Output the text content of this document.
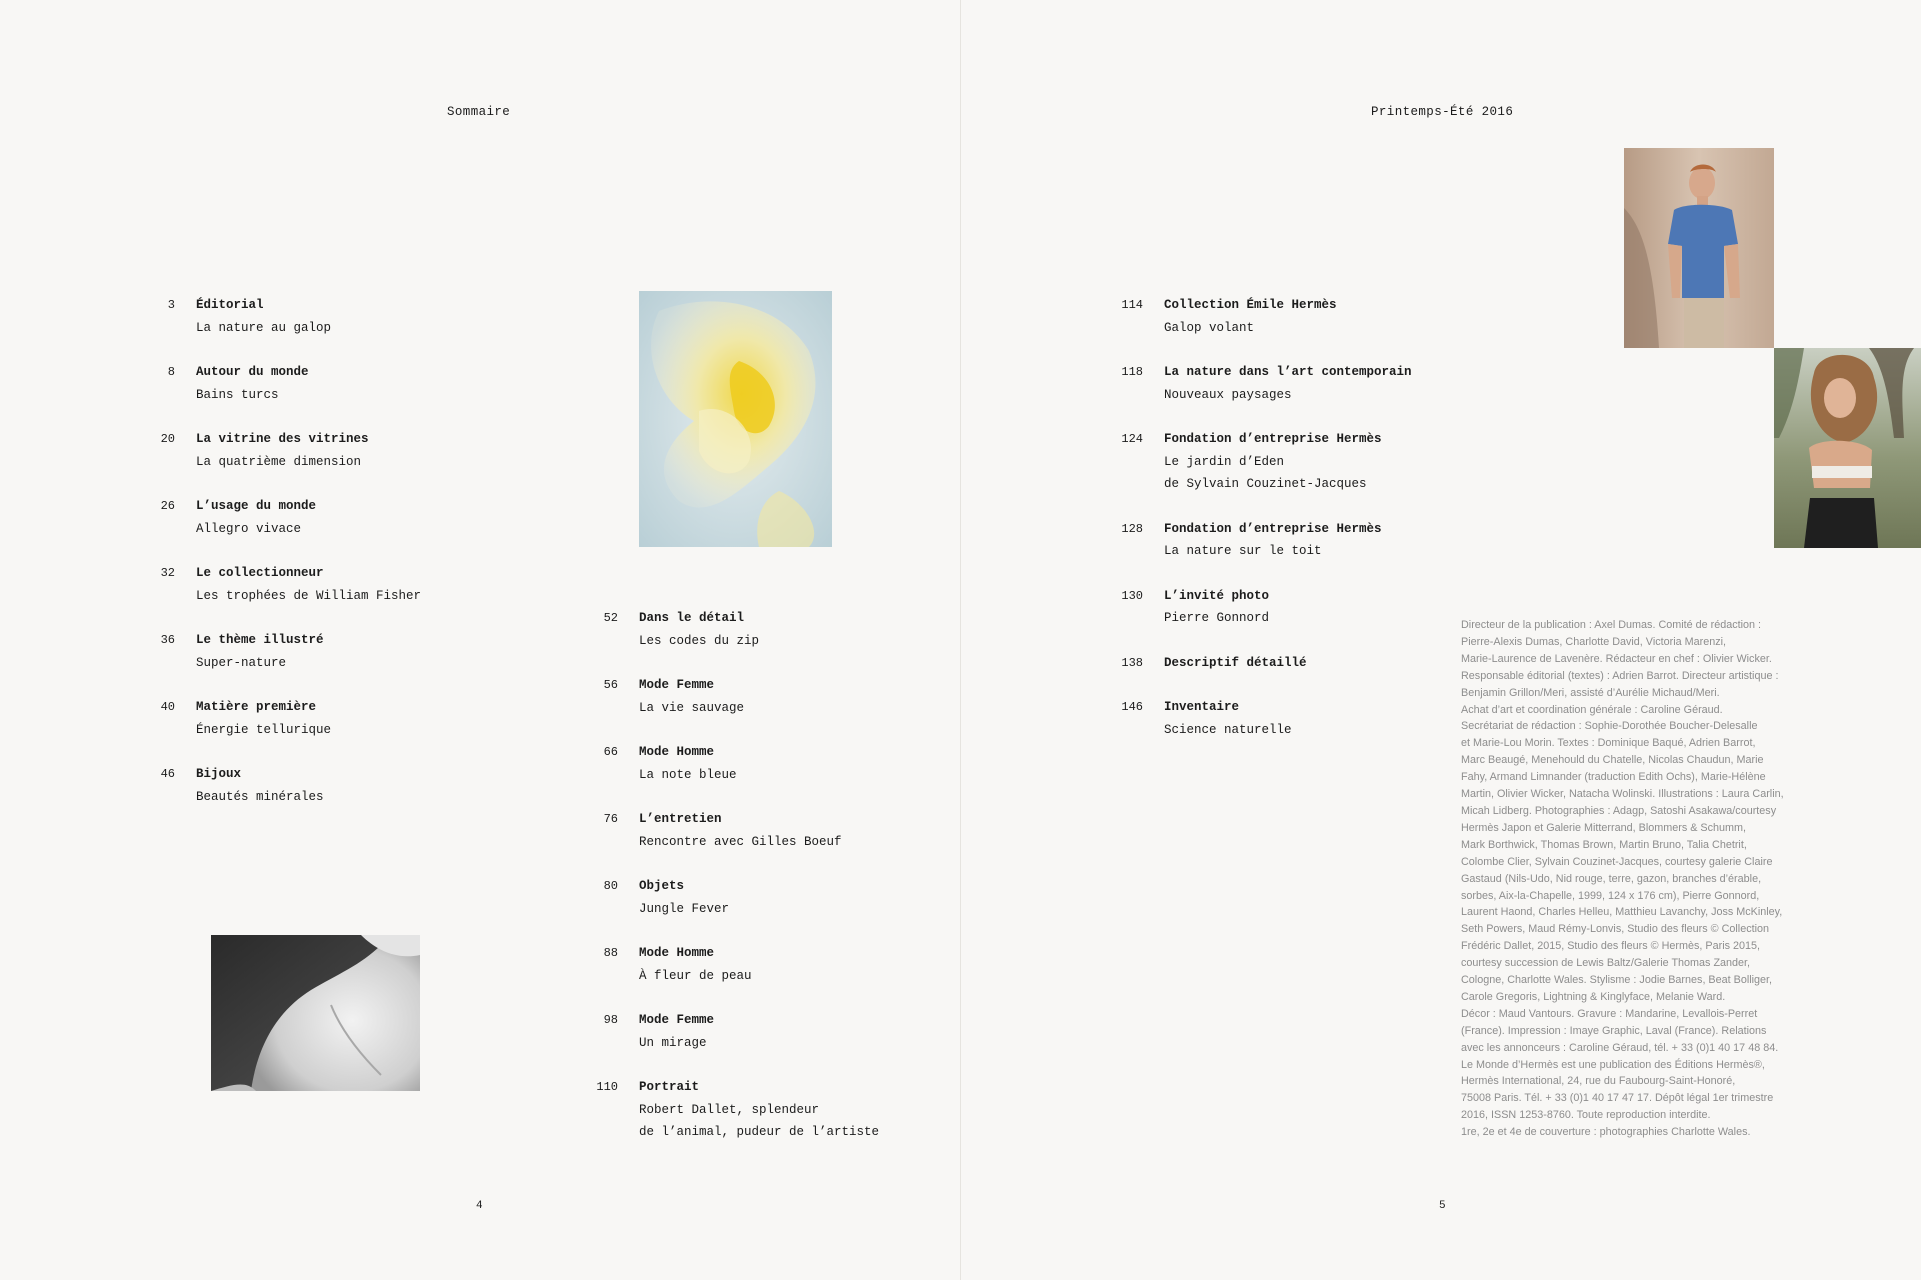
Sommaire
3 Éditorial
La nature au galop
8 Autour du monde
Bains turcs
20 La vitrine des vitrines
La quatrième dimension
26 L’usage du monde
Allegro vivace
32 Le collectionneur
Les trophées de William Fisher
36 Le thème illustré
Super-nature
40 Matière première
Énergie tellurique
46 Bijoux
Beautés minérales
52 Dans le détail
Les codes du zip
56 Mode Femme
La vie sauvage
66 Mode Homme
La note bleue
76 L’entretien
Rencontre avec Gilles Boeuf
80 Objets
Jungle Fever
88 Mode Homme
À fleur de peau
98 Mode Femme
Un mirage
110 Portrait
Robert Dallet, splendeur
de l’animal, pudeur de l’artiste
4
Printemps-Été 2016
114 Collection Émile Hermès
Galop volant
118 La nature dans l’art contemporain
Nouveaux paysages
124 Fondation d’entreprise Hermès
Le jardin d’Eden
de Sylvain Couzinet-Jacques
128 Fondation d’entreprise Hermès
La nature sur le toit
130 L’invité photo
Pierre Gonnord
138 Descriptif détaillé
146 Inventaire
Science naturelle
Directeur de la publication : Axel Dumas. Comité de rédaction :
Pierre-Alexis Dumas, Charlotte David, Victoria Marenzi,
Marie-Laurence de Lavenère. Rédacteur en chef : Olivier Wicker.
Responsable éditorial (textes) : Adrien Barrot. Directeur artistique :
Benjamin Grillon/Meri, assisté d’Aurélie Michaud/Meri.
Achat d’art et coordination générale : Caroline Géraud.
Secrétariat de rédaction : Sophie-Dorothée Boucher-Delesalle
et Marie-Lou Morin. Textes : Dominique Baqué, Adrien Barrot,
Marc Beaugé, Menehould du Chatelle, Nicolas Chaudun, Marie
Fahy, Armand Limnander (traduction Edith Ochs), Marie-Hélène
Martin, Olivier Wicker, Natacha Wolinski. Illustrations : Laura Carlin,
Micah Lidberg. Photographies : Adagp, Satoshi Asakawa/courtesy
Hermès Japon et Galerie Mitterrand, Blommers & Schumm,
Mark Borthwick, Thomas Brown, Martin Bruno, Talia Chetrit,
Colombe Clier, Sylvain Couzinet-Jacques, courtesy galerie Claire
Gastaud (Nils-Udo, Nid rouge, terre, gazon, branches d’érable,
sorbes, Aix-la-Chapelle, 1999, 124 x 176 cm), Pierre Gonnord,
Laurent Haond, Charles Helleu, Matthieu Lavanchy, Joss McKinley,
Seth Powers, Maud Rémy-Lonvis, Studio des fleurs © Collection
Frédéric Dallet, 2015, Studio des fleurs © Hermès, Paris 2015,
courtesy succession de Lewis Baltz/Galerie Thomas Zander,
Cologne, Charlotte Wales. Stylisme : Jodie Barnes, Beat Bolliger,
Carole Gregoris, Lightning & Kinglyface, Melanie Ward.
Décor : Maud Vantours. Gravure : Mandarine, Levallois-Perret
(France). Impression : Imaye Graphic, Laval (France). Relations
avec les annonceurs : Caroline Géraud, tél. + 33 (0)1 40 17 48 84.
Le Monde d’Hermès est une publication des Éditions Hermès®,
Hermès International, 24, rue du Faubourg-Saint-Honoré,
75008 Paris. Tél. + 33 (0)1 40 17 47 17. Dépôt légal 1er trimestre
2016, ISSN 1253-8760. Toute reproduction interdite.
1re, 2e et 4e de couverture : photographies Charlotte Wales.
5
